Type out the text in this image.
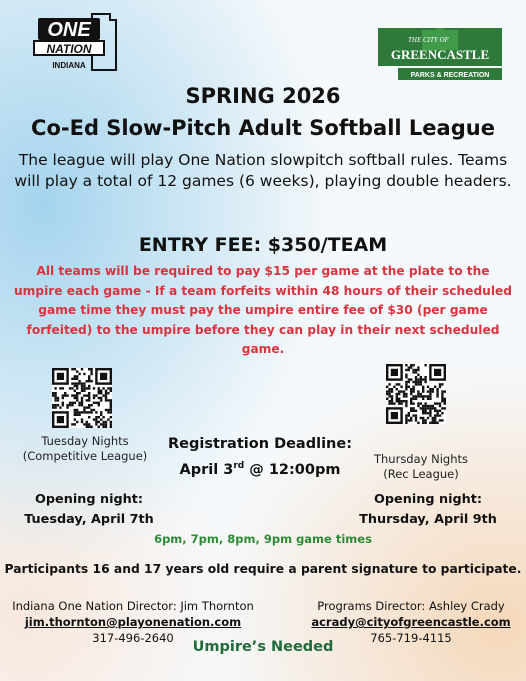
ONE
NATION
INDIANA
THE CITY OF
GREENCASTLE
PARKS & RECREATION
SPRING 2026
Co-Ed Slow-Pitch Adult Softball League
The league will play One Nation slowpitch softball rules. Teams will play a total of 12 games (6 weeks), playing double headers.
ENTRY FEE: $350/TEAM
All teams will be required to pay $15 per game at the plate to the umpire each game - If a team forfeits within 48 hours of their scheduled game time they must pay the umpire entire fee of $30 (per game forfeited) to the umpire before they can play in their next scheduled game.
Tuesday Nights
(Competitive League)	Thursday Nights
(Rec League)
Registration Deadline:
April 3rd @ 12:00pm
Opening night:
Tuesday, April 7th
Opening night:
Thursday, April 9th
6pm, 7pm, 8pm, 9pm game times
Participants 16 and 17 years old require a parent signature to participate.
Indiana One Nation Director: Jim Thornton
jim.thornton@playonenation.com
317-496-2640
Programs Director: Ashley Crady
acrady@cityofgreencastle.com
765-719-4115
Umpire’s Needed
